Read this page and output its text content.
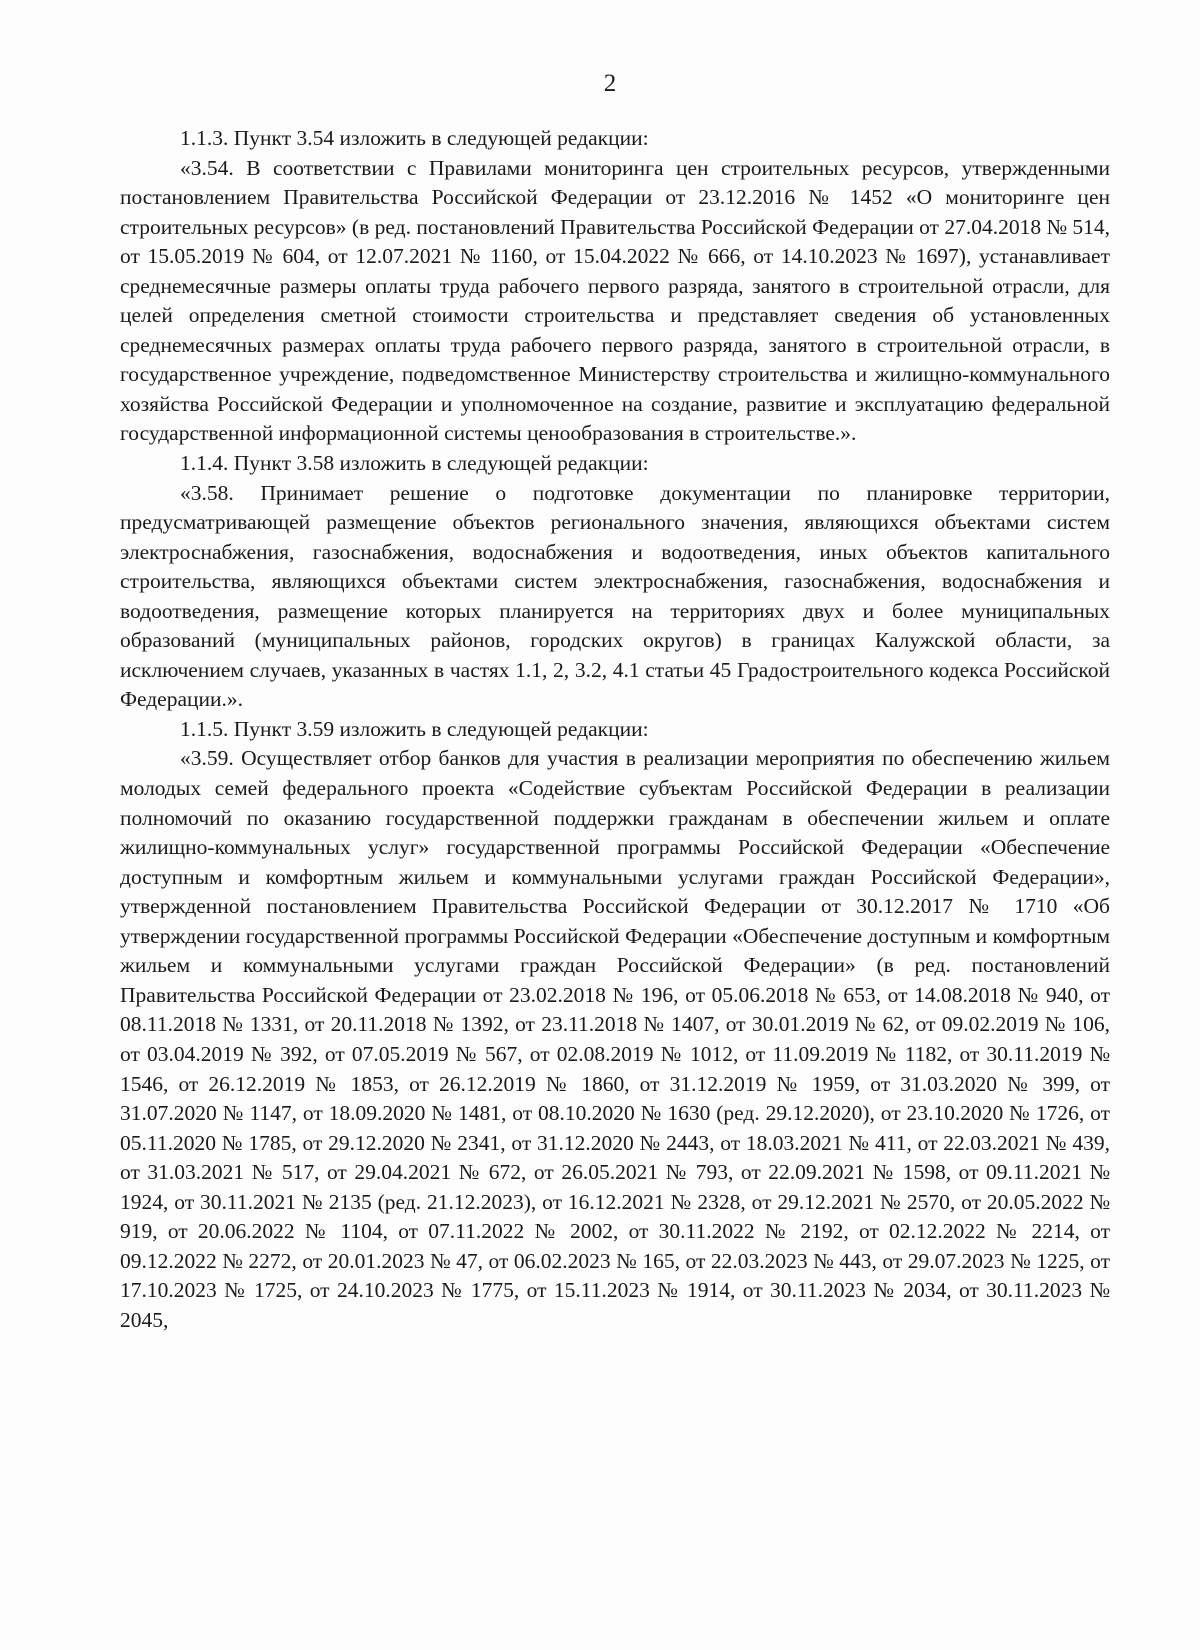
2

1.1.3. Пункт 3.54 изложить в следующей редакции:

«3.54. В соответствии с Правилами мониторинга цен строительных ресурсов, утвержденными постановлением Правительства Российской Федерации от 23.12.2016 № 1452 «О мониторинге цен строительных ресурсов» (в ред. постановлений Правительства Российской Федерации от 27.04.2018 № 514, от 15.05.2019 № 604, от 12.07.2021 № 1160, от 15.04.2022 № 666, от 14.10.2023 № 1697), устанавливает среднемесячные размеры оплаты труда рабочего первого разряда, занятого в строительной отрасли, для целей определения сметной стоимости строительства и представляет сведения об установленных среднемесячных размерах оплаты труда рабочего первого разряда, занятого в строительной отрасли, в государственное учреждение, подведомственное Министерству строительства и жилищно-коммунального хозяйства Российской Федерации и уполномоченное на создание, развитие и эксплуатацию федеральной государственной информационной системы ценообразования в строительстве.».

1.1.4. Пункт 3.58 изложить в следующей редакции:

«3.58. Принимает решение о подготовке документации по планировке территории, предусматривающей размещение объектов регионального значения, являющихся объектами систем электроснабжения, газоснабжения, водоснабжения и водоотведения, иных объектов капитального строительства, являющихся объектами систем электроснабжения, газоснабжения, водоснабжения и водоотведения, размещение которых планируется на территориях двух и более муниципальных образований (муниципальных районов, городских округов) в границах Калужской области, за исключением случаев, указанных в частях 1.1, 2, 3.2, 4.1 статьи 45 Градостроительного кодекса Российской Федерации.».

1.1.5. Пункт 3.59 изложить в следующей редакции:

«3.59. Осуществляет отбор банков для участия в реализации мероприятия по обеспечению жильем молодых семей федерального проекта «Содействие субъектам Российской Федерации в реализации полномочий по оказанию государственной поддержки гражданам в обеспечении жильем и оплате жилищно-коммунальных услуг» государственной программы Российской Федерации «Обеспечение доступным и комфортным жильем и коммунальными услугами граждан Российской Федерации», утвержденной постановлением Правительства Российской Федерации от 30.12.2017 № 1710 «Об утверждении государственной программы Российской Федерации «Обеспечение доступным и комфортным жильем и коммунальными услугами граждан Российской Федерации» (в ред. постановлений Правительства Российской Федерации от 23.02.2018 № 196, от 05.06.2018 № 653, от 14.08.2018 № 940, от 08.11.2018 № 1331, от 20.11.2018 № 1392, от 23.11.2018 № 1407, от 30.01.2019 № 62, от 09.02.2019 № 106, от 03.04.2019 № 392, от 07.05.2019 № 567, от 02.08.2019 № 1012, от 11.09.2019 № 1182, от 30.11.2019 № 1546, от 26.12.2019 № 1853, от 26.12.2019 № 1860, от 31.12.2019 № 1959, от 31.03.2020 № 399, от 31.07.2020 № 1147, от 18.09.2020 № 1481, от 08.10.2020 № 1630 (ред. 29.12.2020), от 23.10.2020 № 1726, от 05.11.2020 № 1785, от 29.12.2020 № 2341, от 31.12.2020 № 2443, от 18.03.2021 № 411, от 22.03.2021 № 439, от 31.03.2021 № 517, от 29.04.2021 № 672, от 26.05.2021 № 793, от 22.09.2021 № 1598, от 09.11.2021 № 1924, от 30.11.2021 № 2135 (ред. 21.12.2023), от 16.12.2021 № 2328, от 29.12.2021 № 2570, от 20.05.2022 № 919, от 20.06.2022 № 1104, от 07.11.2022 № 2002, от 30.11.2022 № 2192, от 02.12.2022 № 2214, от 09.12.2022 № 2272, от 20.01.2023 № 47, от 06.02.2023 № 165, от 22.03.2023 № 443, от 29.07.2023 № 1225, от 17.10.2023 № 1725, от 24.10.2023 № 1775, от 15.11.2023 № 1914, от 30.11.2023 № 2034, от 30.11.2023 № 2045,
